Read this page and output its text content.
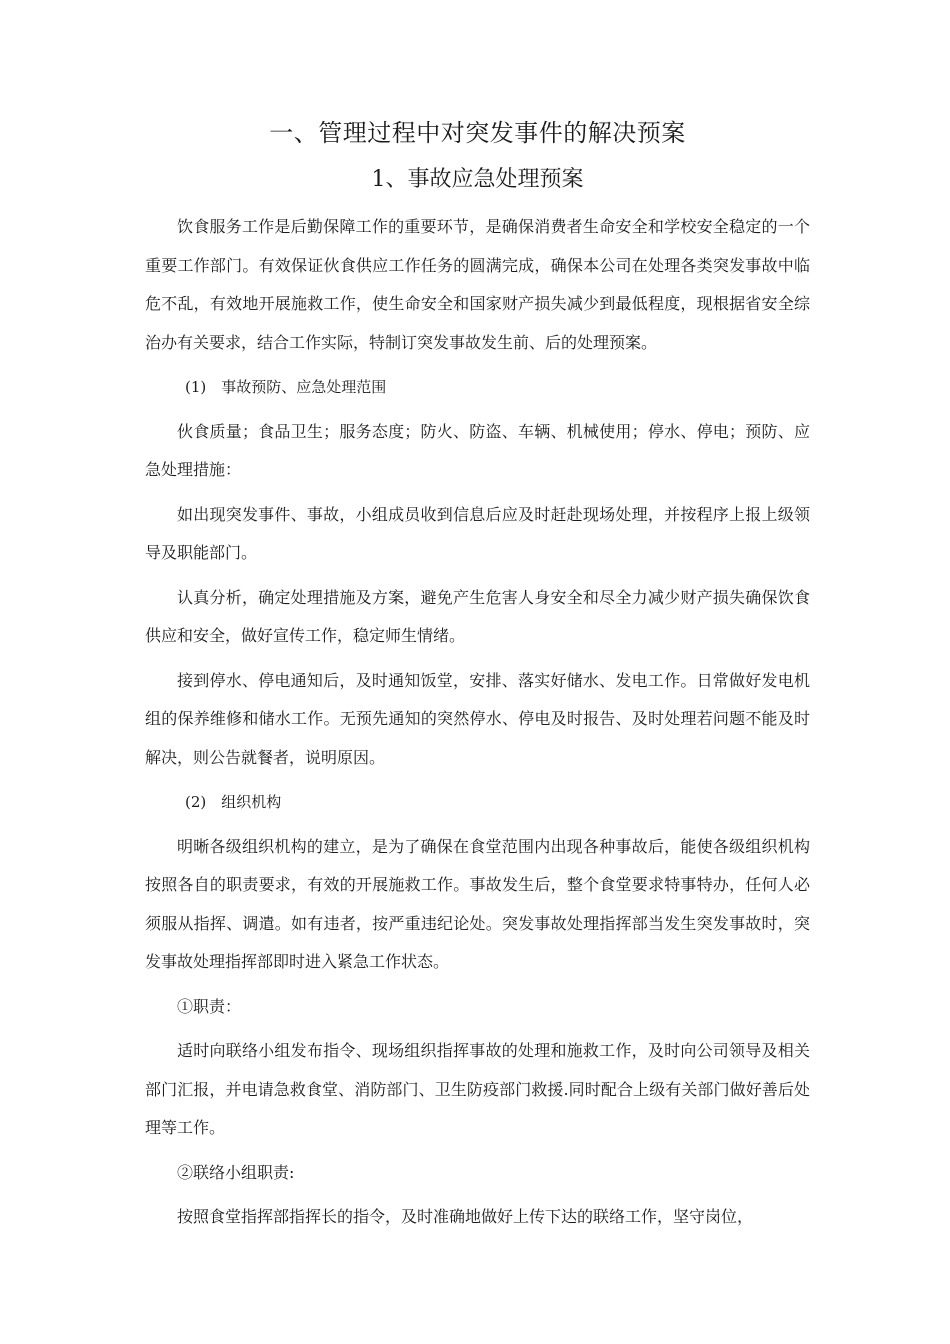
一、管理过程中对突发事件的解决预案
1、事故应急处理预案

饮食服务工作是后勤保障工作的重要环节，是确保消费者生命安全和学校安全稳定的一个重要工作部门。有效保证伙食供应工作任务的圆满完成，确保本公司在处理各类突发事故中临危不乱，有效地开展施救工作，使生命安全和国家财产损失减少到最低程度，现根据省安全综治办有关要求，结合工作实际，特制订突发事故发生前、后的处理预案。

(1)　事故预防、应急处理范围

伙食质量；食品卫生；服务态度；防火、防盗、车辆、机械使用；停水、停电；预防、应急处理措施：

如出现突发事件、事故，小组成员收到信息后应及时赶赴现场处理，并按程序上报上级领导及职能部门。

认真分析，确定处理措施及方案，避免产生危害人身安全和尽全力减少财产损失确保饮食供应和安全，做好宣传工作，稳定师生情绪。

接到停水、停电通知后，及时通知饭堂，安排、落实好储水、发电工作。日常做好发电机组的保养维修和储水工作。无预先通知的突然停水、停电及时报告、及时处理若问题不能及时解决，则公告就餐者，说明原因。

(2)　组织机构

明晰各级组织机构的建立，是为了确保在食堂范围内出现各种事故后，能使各级组织机构按照各自的职责要求，有效的开展施救工作。事故发生后，整个食堂要求特事特办，任何人必须服从指挥、调遣。如有违者，按严重违纪论处。突发事故处理指挥部当发生突发事故时，突发事故处理指挥部即时进入紧急工作状态。

①职责：

适时向联络小组发布指令、现场组织指挥事故的处理和施救工作，及时向公司领导及相关部门汇报，并电请急救食堂、消防部门、卫生防疫部门救援.同时配合上级有关部门做好善后处理等工作。

②联络小组职责:

按照食堂指挥部指挥长的指令，及时准确地做好上传下达的联络工作，坚守岗位，
